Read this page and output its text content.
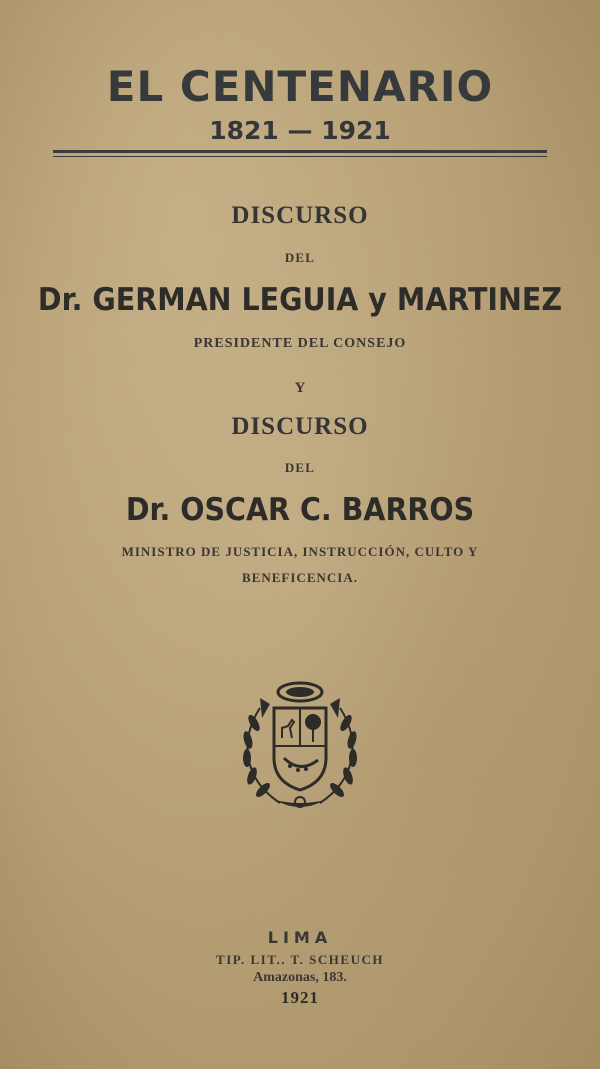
EL CENTENARIO
1821 — 1921
DISCURSO
DEL
Dr. GERMAN LEGUIA y MARTINEZ
PRESIDENTE DEL CONSEJO
Y
DISCURSO
DEL
Dr. OSCAR C. BARROS
MINISTRO DE JUSTICIA, INSTRUCCIÓN, CULTO Y
BENEFICENCIA.
LIMA
TIP. LIT.. T. SCHEUCH
Amazonas, 183.
1921
